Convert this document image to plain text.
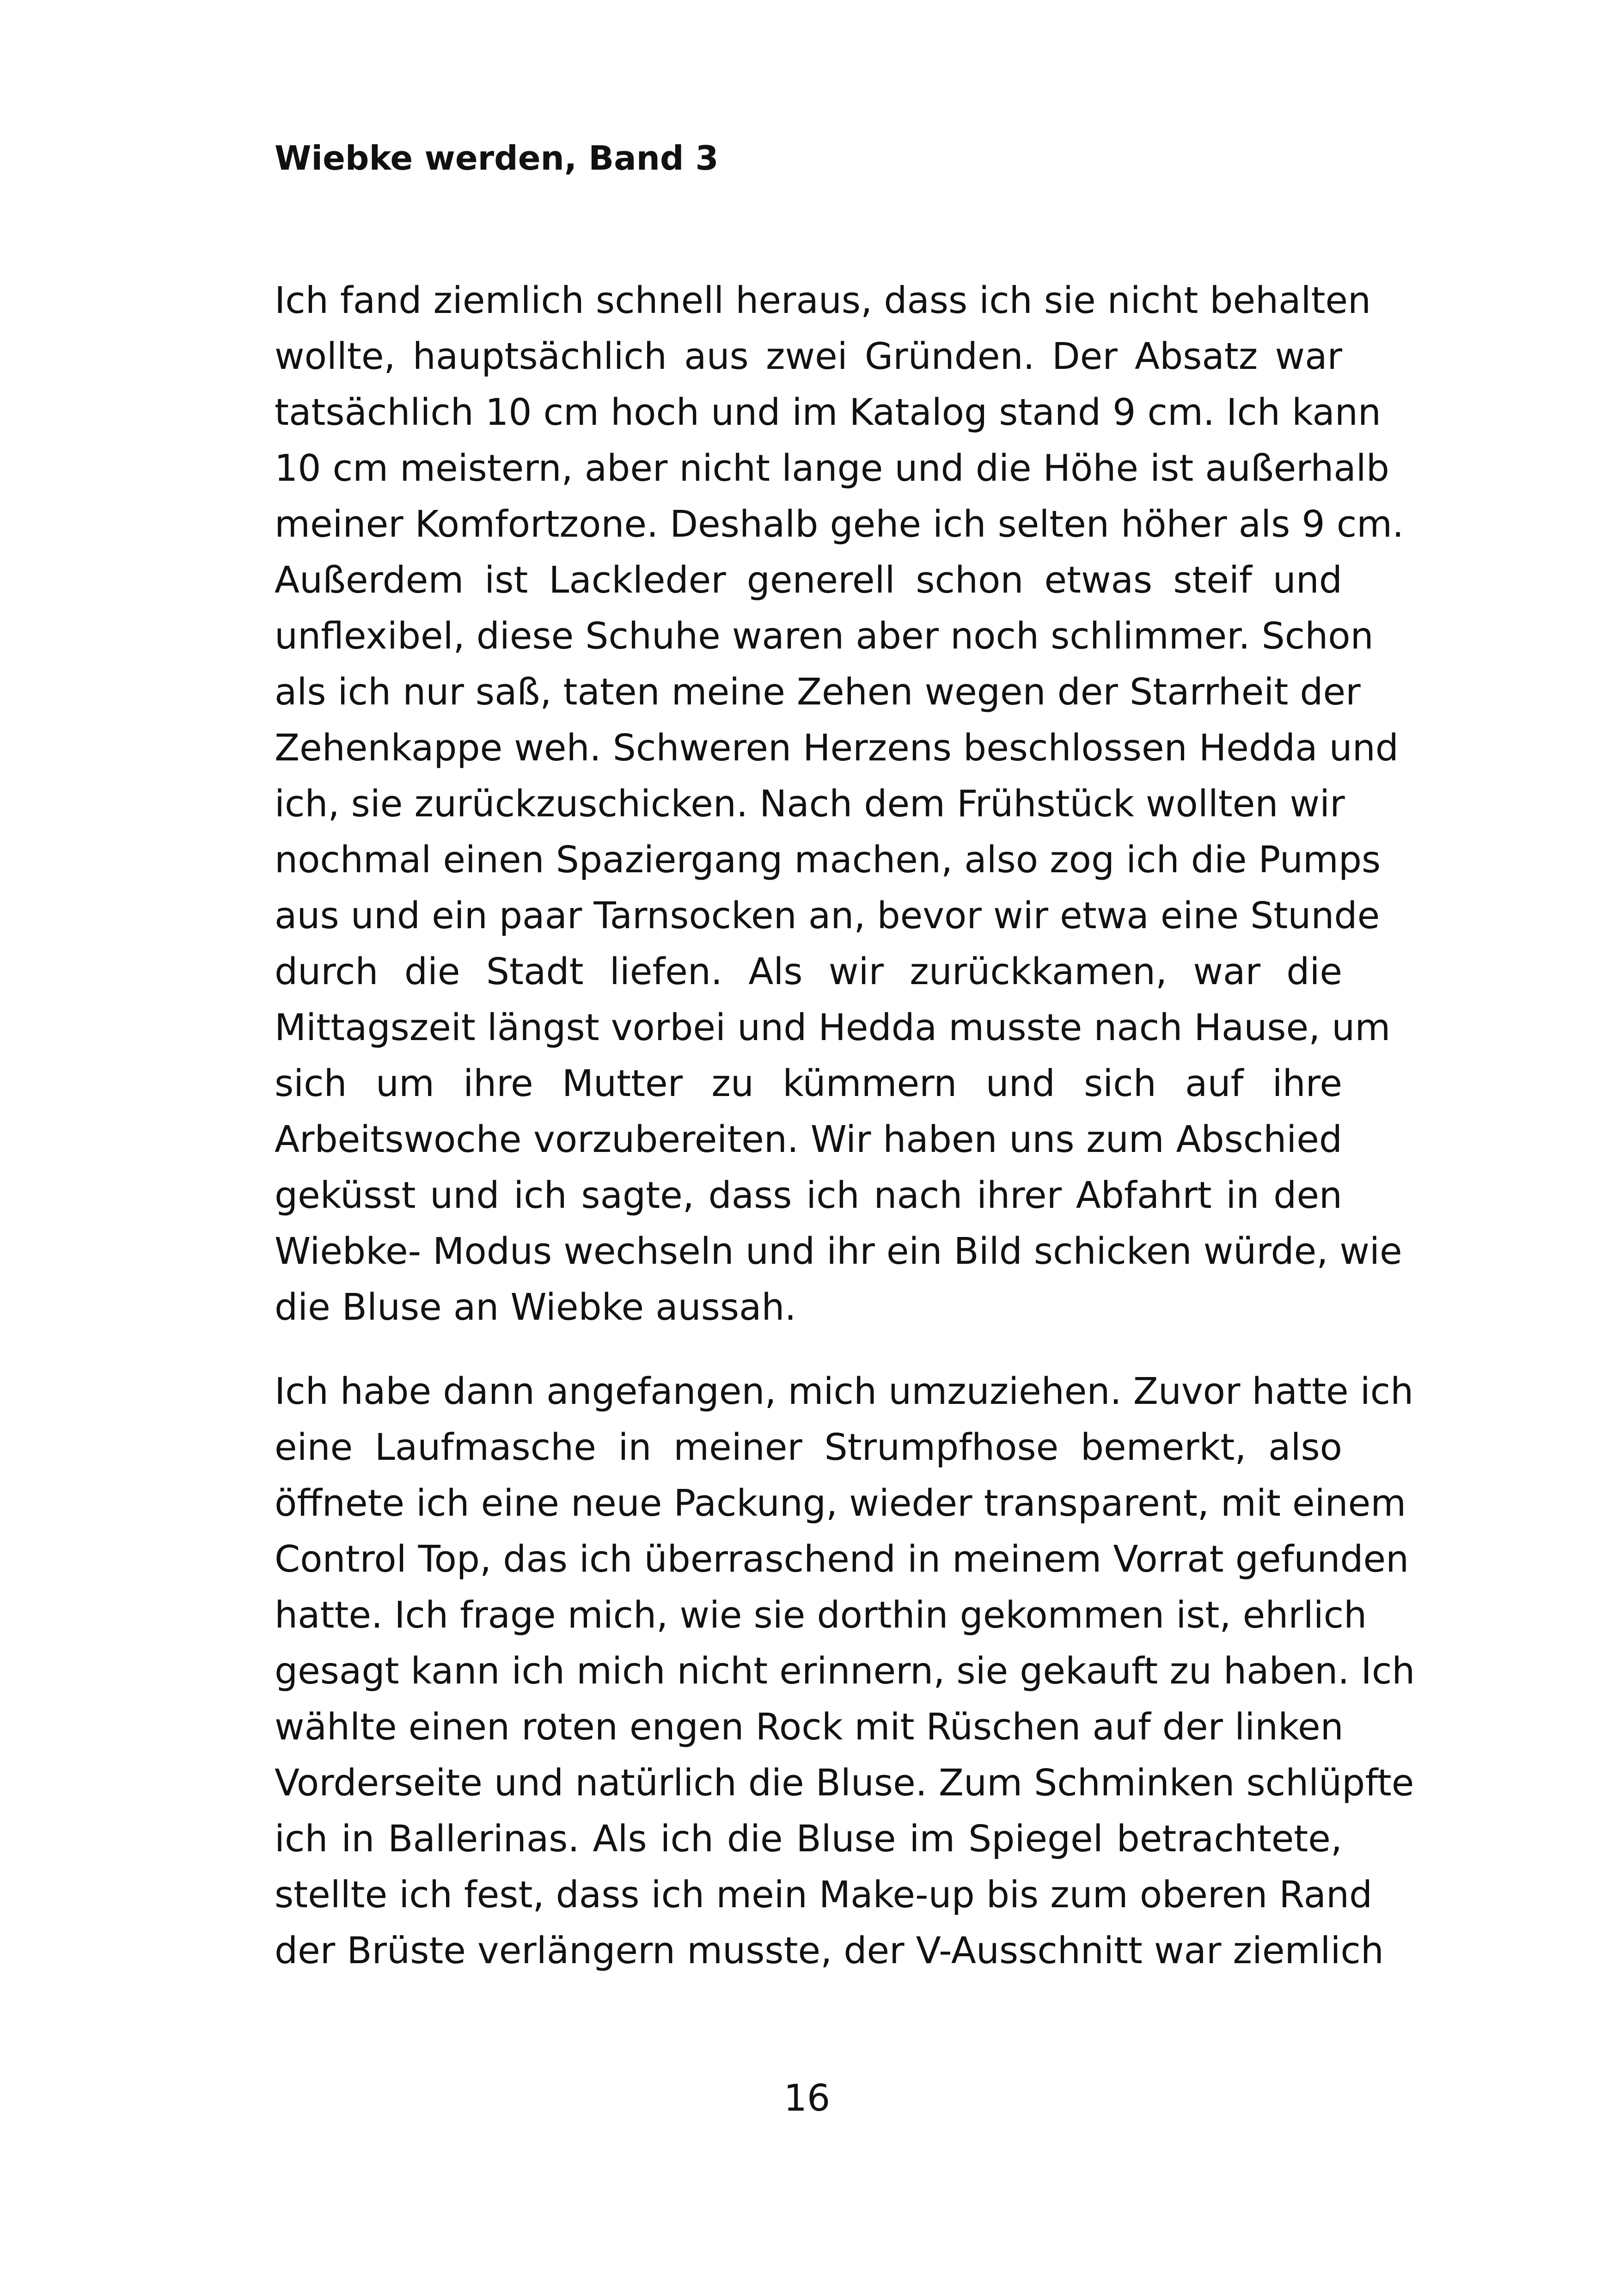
Wiebke werden, Band 3
Ich fand ziemlich schnell heraus, dass ich sie nicht behalten
wollte, hauptsächlich aus zwei Gründen. Der Absatz war
tatsächlich 10 cm hoch und im Katalog stand 9 cm. Ich kann
10 cm meistern, aber nicht lange und die Höhe ist außerhalb
meiner Komfortzone. Deshalb gehe ich selten höher als 9 cm.
Außerdem ist Lackleder generell schon etwas steif und
unflexibel, diese Schuhe waren aber noch schlimmer. Schon
als ich nur saß, taten meine Zehen wegen der Starrheit der
Zehenkappe weh. Schweren Herzens beschlossen Hedda und
ich, sie zurückzuschicken. Nach dem Frühstück wollten wir
nochmal einen Spaziergang machen, also zog ich die Pumps
aus und ein paar Tarnsocken an, bevor wir etwa eine Stunde
durch die Stadt liefen. Als wir zurückkamen, war die
Mittagszeit längst vorbei und Hedda musste nach Hause, um
sich um ihre Mutter zu kümmern und sich auf ihre
Arbeitswoche vorzubereiten. Wir haben uns zum Abschied
geküsst und ich sagte, dass ich nach ihrer Abfahrt in den
Wiebke- Modus wechseln und ihr ein Bild schicken würde, wie
die Bluse an Wiebke aussah.
Ich habe dann angefangen, mich umzuziehen. Zuvor hatte ich
eine Laufmasche in meiner Strumpfhose bemerkt, also
öffnete ich eine neue Packung, wieder transparent, mit einem
Control Top, das ich überraschend in meinem Vorrat gefunden
hatte. Ich frage mich, wie sie dorthin gekommen ist, ehrlich
gesagt kann ich mich nicht erinnern, sie gekauft zu haben. Ich
wählte einen roten engen Rock mit Rüschen auf der linken
Vorderseite und natürlich die Bluse. Zum Schminken schlüpfte
ich in Ballerinas. Als ich die Bluse im Spiegel betrachtete,
stellte ich fest, dass ich mein Make-up bis zum oberen Rand
der Brüste verlängern musste, der V-Ausschnitt war ziemlich
16
